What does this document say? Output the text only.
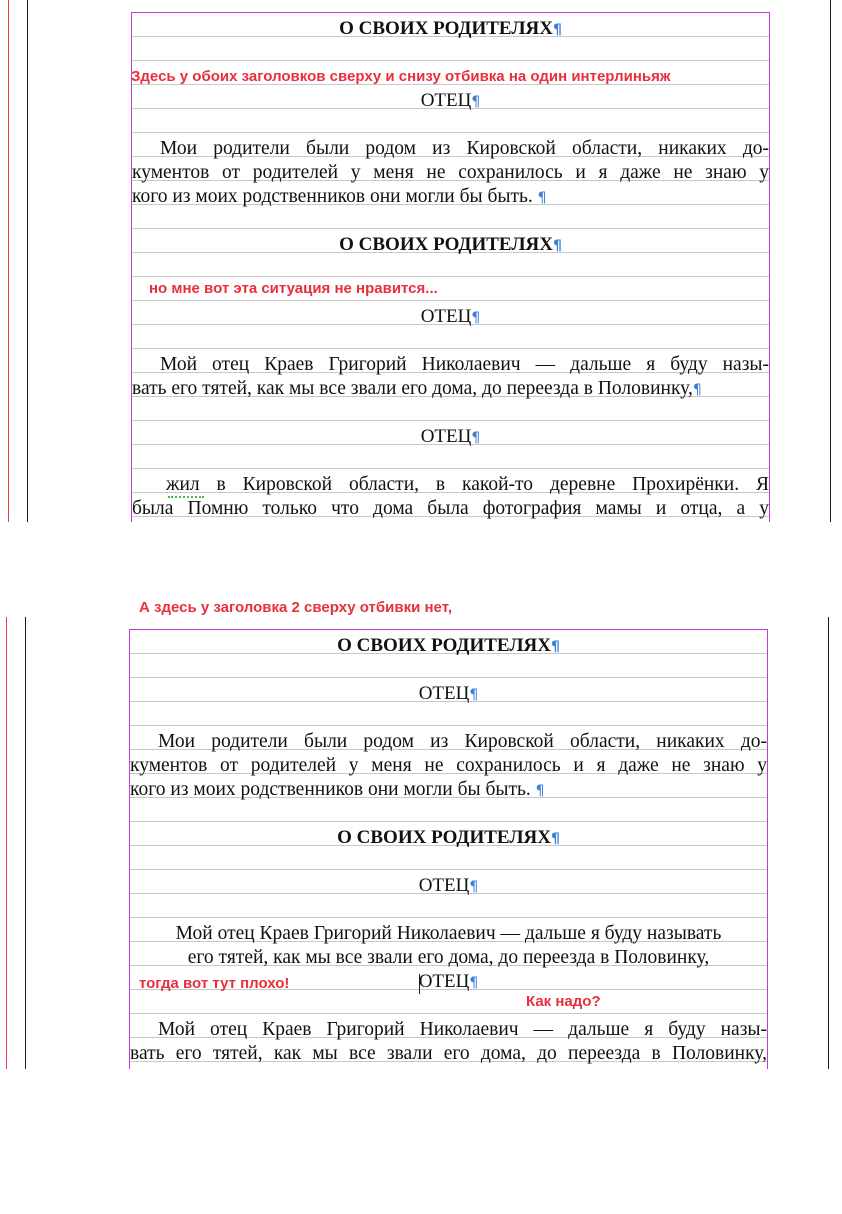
О СВОИХ РОДИТЕЛЯХ¶
ОТЕЦ¶
Мои родители были родом из Кировской области, никаких до-
кументов от родителей у меня не сохранилось и я даже не знаю у
кого из моих родственников они могли бы быть. ¶
О СВОИХ РОДИТЕЛЯХ¶
ОТЕЦ¶
Мой отец Краев Григорий Николаевич — дальше я буду назы-
вать его тятей, как мы все звали его дома, до переезда в Половинку,¶
ОТЕЦ¶
жил в Кировской области, в какой-то деревне Прохирёнки. Я
была Помню только что дома была фотография мамы и отца, а у
Здесь у обоих заголовков сверху и снизу отбивка на один интерлиньяж
но мне вот эта ситуация не нравится...
А здесь у заголовка 2 сверху отбивки нет,
О СВОИХ РОДИТЕЛЯХ¶
ОТЕЦ¶
Мои родители были родом из Кировской области, никаких до-
кументов от родителей у меня не сохранилось и я даже не знаю у
кого из моих родственников они могли бы быть. ¶
О СВОИХ РОДИТЕЛЯХ¶
ОТЕЦ¶
Мой отец Краев Григорий Николаевич — дальше я буду называть
его тятей, как мы все звали его дома, до переезда в Половинку,
ОТЕЦ¶
Мой отец Краев Григорий Николаевич — дальше я буду назы-
вать его тятей, как мы все звали его дома, до переезда в Половинку,
тогда вот тут плохо!
Как надо?
